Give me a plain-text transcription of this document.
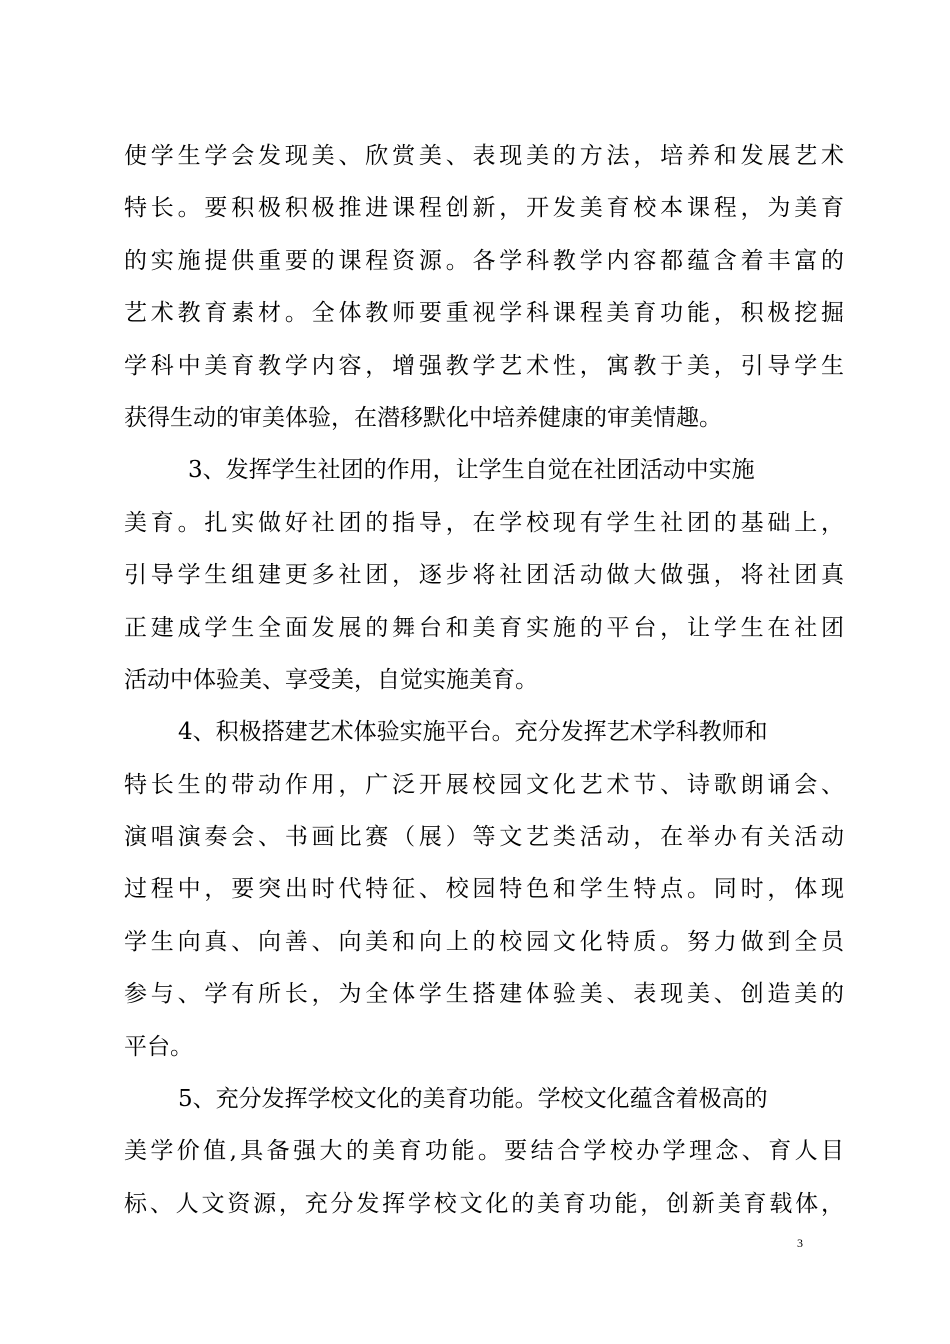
使学生学会发现美、欣赏美、表现美的方法，培养和发展艺术
特长。要积极积极推进课程创新，开发美育校本课程，为美育
的实施提供重要的课程资源。各学科教学内容都蕴含着丰富的
艺术教育素材。全体教师要重视学科课程美育功能，积极挖掘
学科中美育教学内容，增强教学艺术性，寓教于美，引导学生
获得生动的审美体验，在潜移默化中培养健康的审美情趣。
3、发挥学生社团的作用，让学生自觉在社团活动中实施
美育。扎实做好社团的指导，在学校现有学生社团的基础上，
引导学生组建更多社团，逐步将社团活动做大做强，将社团真
正建成学生全面发展的舞台和美育实施的平台，让学生在社团
活动中体验美、享受美，自觉实施美育。
4、积极搭建艺术体验实施平台。充分发挥艺术学科教师和
特长生的带动作用，广泛开展校园文化艺术节、诗歌朗诵会、
演唱演奏会、书画比赛（展）等文艺类活动，在举办有关活动
过程中，要突出时代特征、校园特色和学生特点。同时，体现
学生向真、向善、向美和向上的校园文化特质。努力做到全员
参与、学有所长，为全体学生搭建体验美、表现美、创造美的
平台。
5、充分发挥学校文化的美育功能。学校文化蕴含着极高的
美学价值,具备强大的美育功能。要结合学校办学理念、育人目
标、人文资源，充分发挥学校文化的美育功能，创新美育载体，
3
